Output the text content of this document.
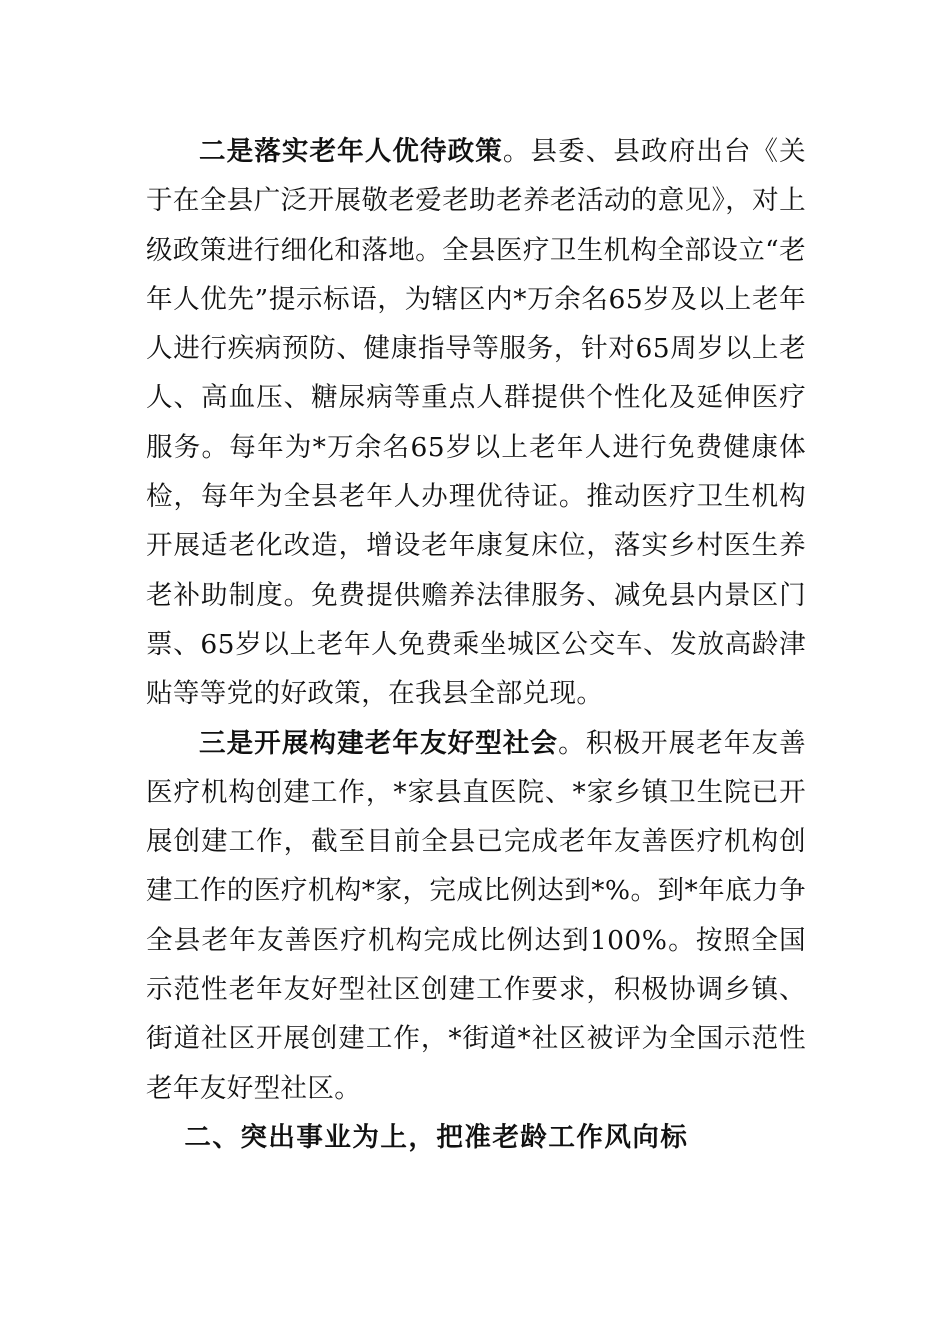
二是落实老年人优待政策。县委、县政府出台《关于在全县广泛开展敬老爱老助老养老活动的意见》，对上级政策进行细化和落地。全县医疗卫生机构全部设立“老年人优先”提示标语，为辖区内*万余名65岁及以上老年人进行疾病预防、健康指导等服务，针对65周岁以上老人、高血压、糖尿病等重点人群提供个性化及延伸医疗服务。每年为*万余名65岁以上老年人进行免费健康体检，每年为全县老年人办理优待证。推动医疗卫生机构开展适老化改造，增设老年康复床位，落实乡村医生养老补助制度。免费提供赡养法律服务、减免县内景区门票、65岁以上老年人免费乘坐城区公交车、发放高龄津贴等等党的好政策，在我县全部兑现。

三是开展构建老年友好型社会。积极开展老年友善医疗机构创建工作，*家县直医院、*家乡镇卫生院已开展创建工作，截至目前全县已完成老年友善医疗机构创建工作的医疗机构*家，完成比例达到*%。到*年底力争全县老年友善医疗机构完成比例达到100%。按照全国示范性老年友好型社区创建工作要求，积极协调乡镇、街道社区开展创建工作，*街道*社区被评为全国示范性老年友好型社区。

二、突出事业为上，把准老龄工作风向标
